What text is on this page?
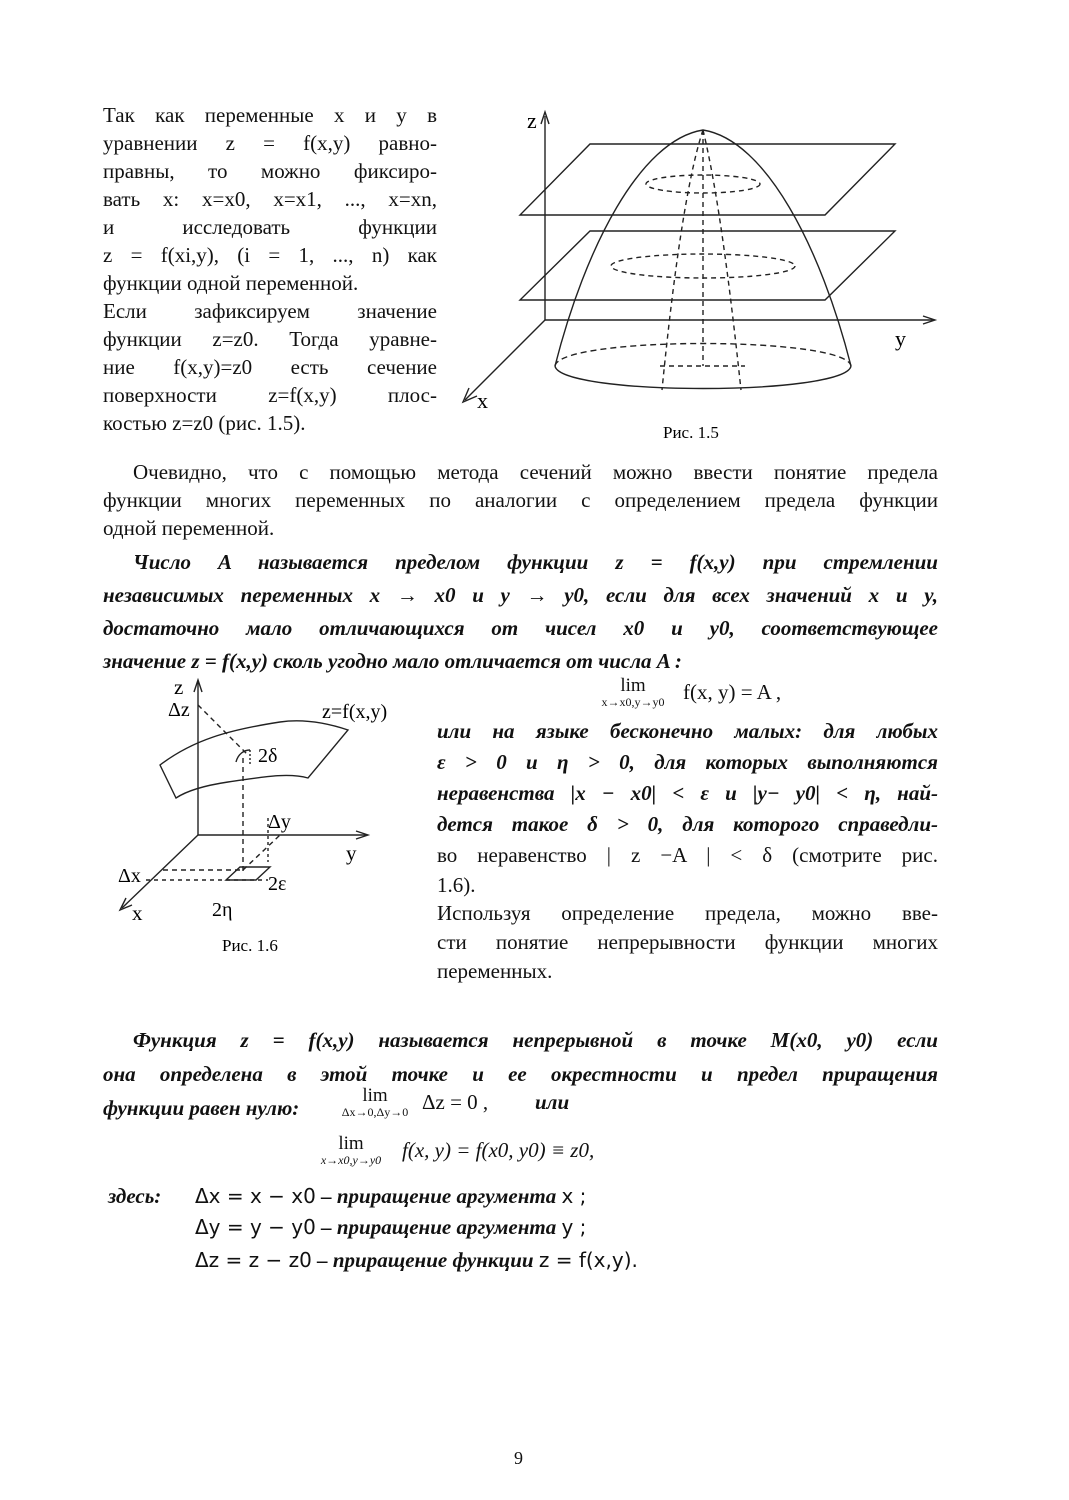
Так как переменные x и y в
уравнении z = f(x,y) равно-
правны, то можно фиксиро-
вать x: x=x0, x=x1, ..., x=xn,
и исследовать функции
z = f(xi,y), (i = 1, ..., n) как
функции одной переменной.
Если зафиксируем значение
функции z=z0. Тогда уравне-
ние f(x,y)=z0 есть сечение
поверхности z=f(x,y) плос-
костью z=z0 (рис. 1.5).
z
y
x
Рис. 1.5
Очевидно, что с помощью метода сечений можно ввести понятие предела
функции многих переменных по аналогии с определением предела функции
одной переменной.
Число A называется пределом функции z = f(x,y) при стремлении
независимых переменных x → x0 и y → y0, если для всех значений x и y,
достаточно мало отличающихся от чисел x0 и y0, соответствующее
значение z = f(x,y) сколь угодно мало отличается от числа A :
lim
x→x0,y→y0 f(x, y) = A ,
z
y
x
Δz	z=f(x,y)
2δ
Δy
Δx	2ε
2η
Рис. 1.6
или на языке бесконечно малых: для любых
ε > 0 и η > 0, для которых выполняются
неравенства |x − x0| < ε и |y− y0| < η, най-
дется такое δ > 0, для которого справедли-
во неравенство | z −A | < δ (смотрите рис.
1.6).
Используя определение предела, можно вве-
сти понятие непрерывности функции многих
переменных.
Функция z = f(x,y) называется непрерывной в точке M(x0, y0) если
она определена в этой точке и ее окрестности и предел приращения
функции равен нулю:
lim
Δx→0,Δy→0 Δz = 0 , или
lim
x→x0,y→y0 f(x, y) = f(x0, y0) ≡ z0,
здесь: Δx = x − x0 – приращение аргумента x ;
Δy = y − y0 – приращение аргумента y ;
Δz = z − z0 – приращение функции z = f(x,y).
9
